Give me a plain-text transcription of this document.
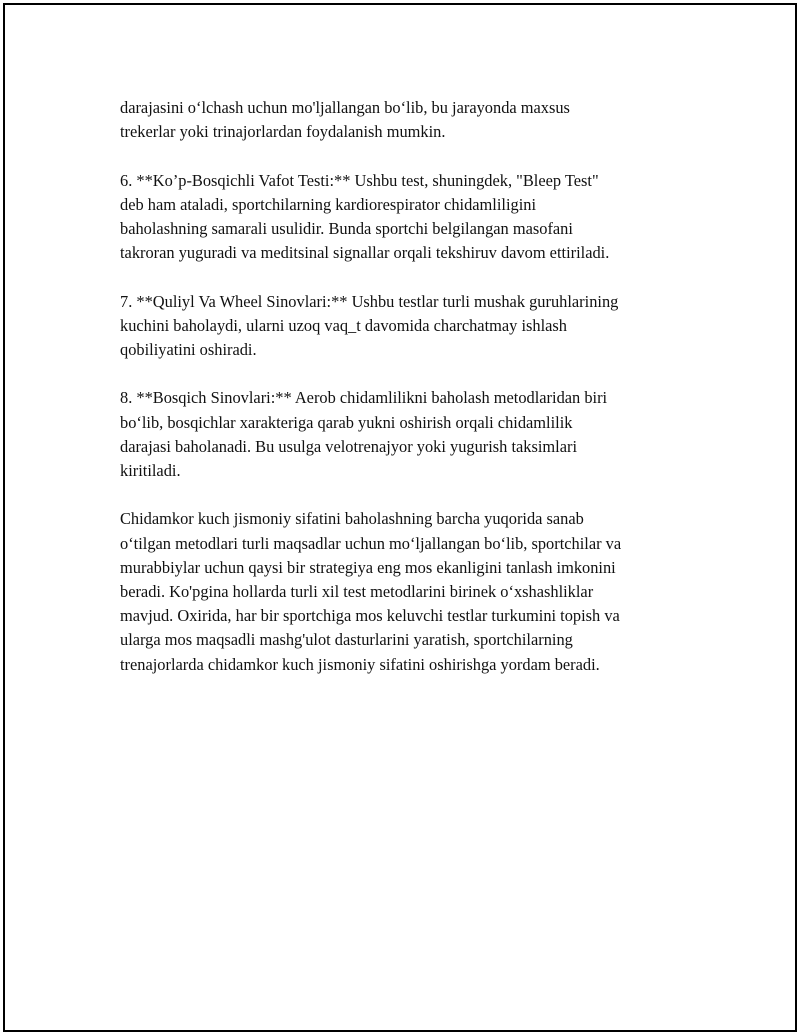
darajasini o‘lchash uchun mo'ljallangan bo‘lib, bu jarayonda maxsus
trekerlar yoki trinajorlardan foydalanish mumkin.

6. **Ko’p-Bosqichli Vafot Testi:** Ushbu test, shuningdek, "Bleep Test"
deb ham ataladi, sportchilarning kardiorespirator chidamliligini
baholashning samarali usulidir. Bunda sportchi belgilangan masofani
takroran yuguradi va meditsinal signallar orqali tekshiruv davom ettiriladi.

7. **Quliyl Va Wheel Sinovlari:** Ushbu testlar turli mushak guruhlarining
kuchini baholaydi, ularni uzoq vaq_t davomida charchatmay ishlash
qobiliyatini oshiradi.

8. **Bosqich Sinovlari:** Aerob chidamlilikni baholash metodlaridan biri
bo‘lib, bosqichlar xarakteriga qarab yukni oshirish orqali chidamlilik
darajasi baholanadi. Bu usulga velotrenajyor yoki yugurish taksimlari
kiritiladi.

Chidamkor kuch jismoniy sifatini baholashning barcha yuqorida sanab
o‘tilgan metodlari turli maqsadlar uchun mo‘ljallangan bo‘lib, sportchilar va
murabbiylar uchun qaysi bir strategiya eng mos ekanligini tanlash imkonini
beradi. Ko'pgina hollarda turli xil test metodlarini birinek o‘xshashliklar
mavjud. Oxirida, har bir sportchiga mos keluvchi testlar turkumini topish va
ularga mos maqsadli mashg'ulot dasturlarini yaratish, sportchilarning
trenajorlarda chidamkor kuch jismoniy sifatini oshirishga yordam beradi.
